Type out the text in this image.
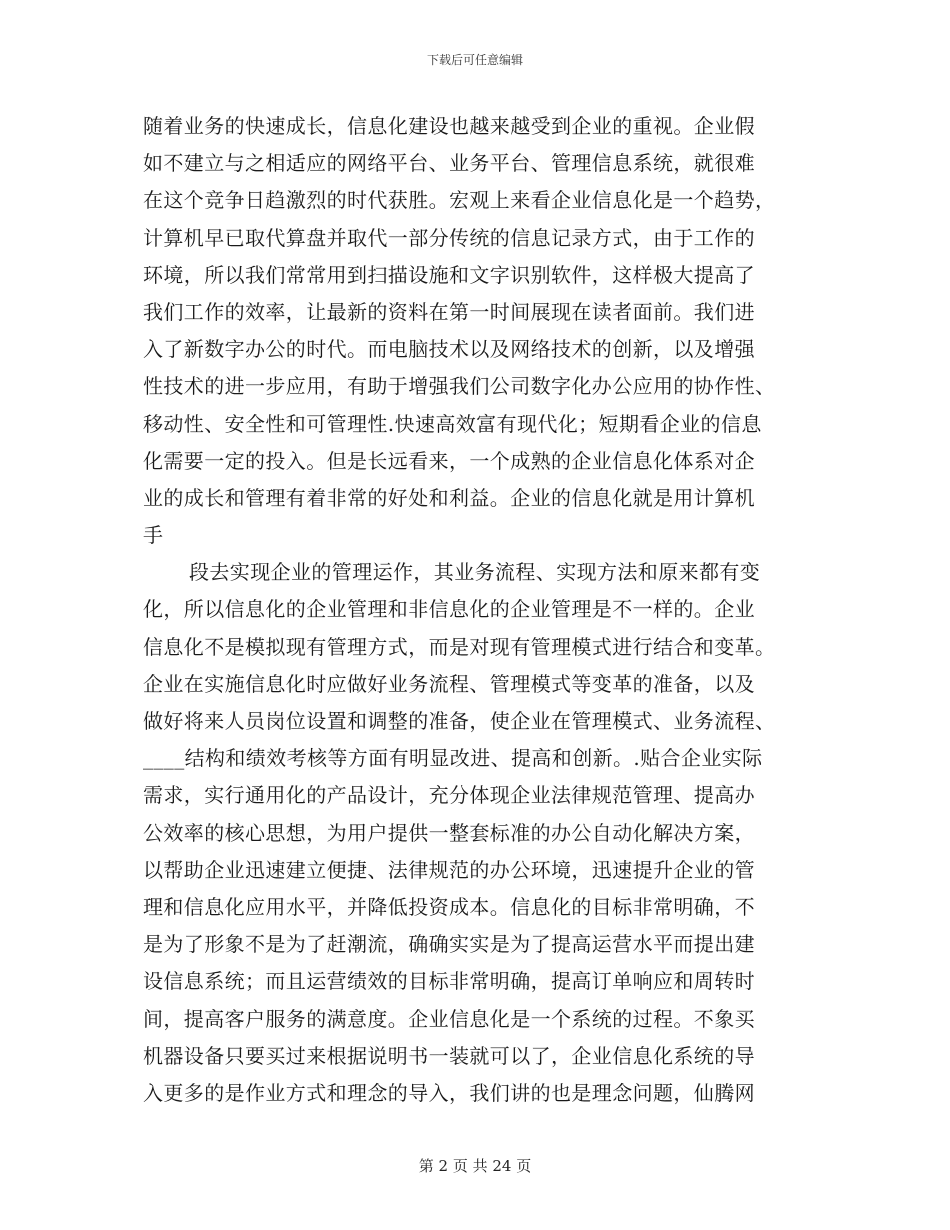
下载后可任意编辑
随着业务的快速成长，信息化建设也越来越受到企业的重视。企业假
如不建立与之相适应的网络平台、业务平台、管理信息系统，就很难
在这个竞争日趋激烈的时代获胜。宏观上来看企业信息化是一个趋势，
计算机早已取代算盘并取代一部分传统的信息记录方式，由于工作的
环境，所以我们常常用到扫描设施和文字识别软件，这样极大提高了
我们工作的效率，让最新的资料在第一时间展现在读者面前。我们进
入了新数字办公的时代。而电脑技术以及网络技术的创新，以及增强
性技术的进一步应用，有助于增强我们公司数字化办公应用的协作性、
移动性、安全性和可管理性.快速高效富有现代化；短期看企业的信息
化需要一定的投入。但是长远看来，一个成熟的企业信息化体系对企
业的成长和管理有着非常的好处和利益。企业的信息化就是用计算机
手
段去实现企业的管理运作，其业务流程、实现方法和原来都有变
化，所以信息化的企业管理和非信息化的企业管理是不一样的。企业
信息化不是模拟现有管理方式，而是对现有管理模式进行结合和变革。
企业在实施信息化时应做好业务流程、管理模式等变革的准备，以及
做好将来人员岗位设置和调整的准备，使企业在管理模式、业务流程、
____结构和绩效考核等方面有明显改进、提高和创新。.贴合企业实际
需求，实行通用化的产品设计，充分体现企业法律规范管理、提高办
公效率的核心思想，为用户提供一整套标准的办公自动化解决方案，
以帮助企业迅速建立便捷、法律规范的办公环境，迅速提升企业的管
理和信息化应用水平，并降低投资成本。信息化的目标非常明确，不
是为了形象不是为了赶潮流，确确实实是为了提高运营水平而提出建
设信息系统；而且运营绩效的目标非常明确，提高订单响应和周转时
间，提高客户服务的满意度。企业信息化是一个系统的过程。不象买
机器设备只要买过来根据说明书一装就可以了，企业信息化系统的导
入更多的是作业方式和理念的导入，我们讲的也是理念问题，仙腾网
第 2 页 共 24 页
